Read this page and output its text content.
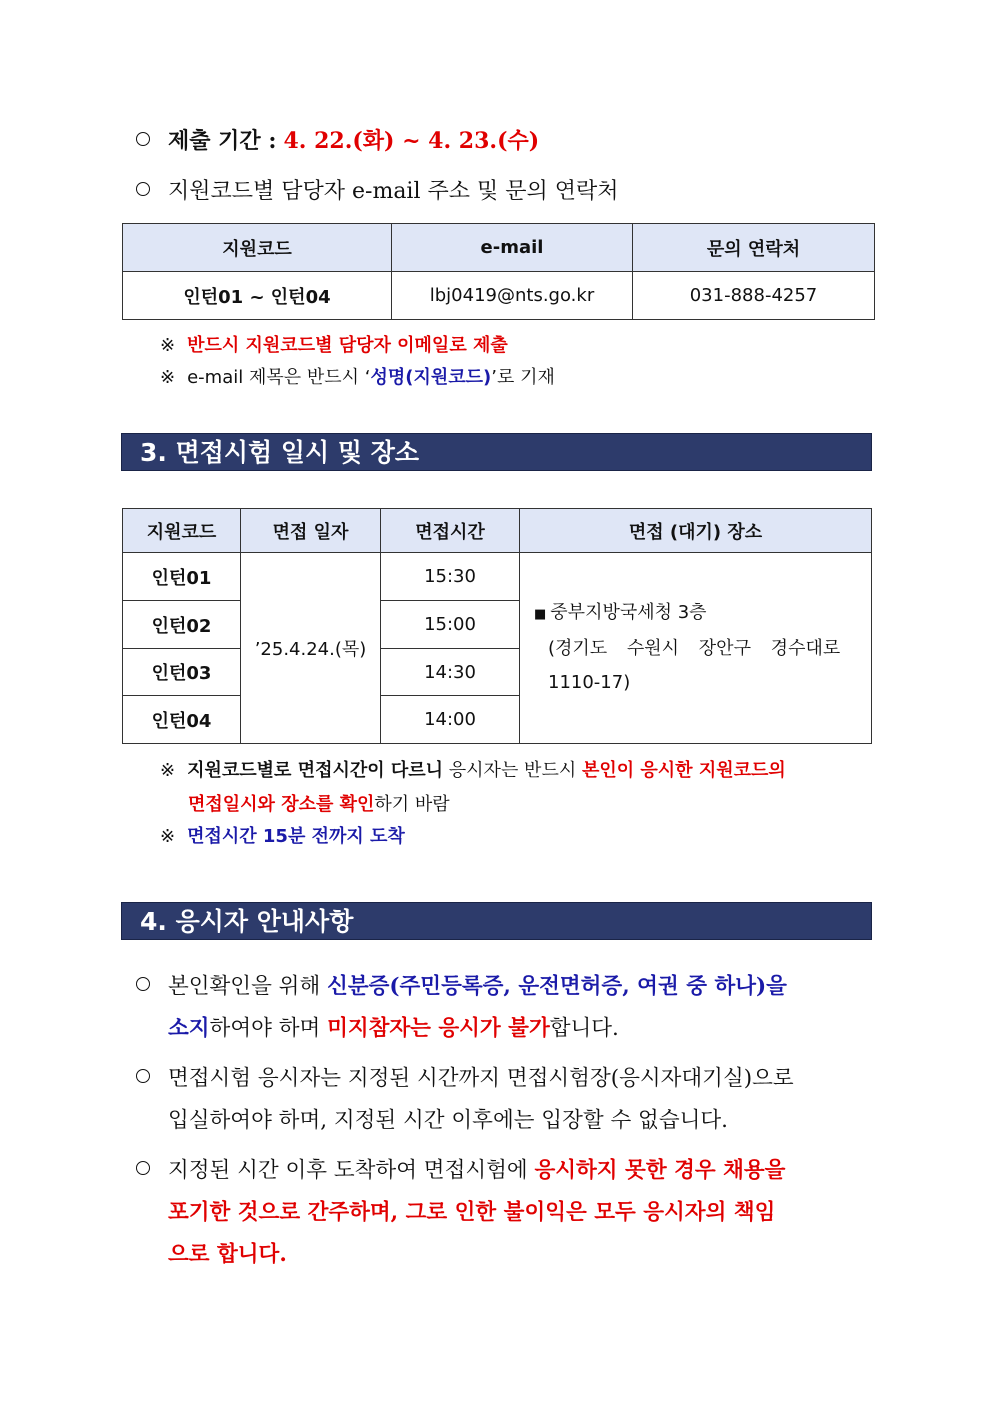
제출 기간 : 4. 22.(화) ~ 4. 23.(수)
지원코드별 담당자 e-mail 주소 및 문의 연락처
지원코드	e-mail	문의 연락처
인턴01 ~ 인턴04	lbj0419@nts.go.kr	031-888-4257
※ 반드시 지원코드별 담당자 이메일로 제출
※ e-mail 제목은 반드시 ‘성명(지원코드)’로 기재
3. 면접시험 일시 및 장소
지원코드	면접 일자	면접시간	면접 (대기) 장소
인턴01	’25.4.24.(목)	15:30	■ 중부지방국세청 3층
(경기도 수원시 장안구 경수대로
1110-17)

인턴02		15:00	
인턴03		14:30	
인턴04		14:00	
※ 지원코드별로 면접시간이 다르니 응시자는 반드시 본인이 응시한 지원코드의
면접일시와 장소를 확인하기 바람
※ 면접시간 15분 전까지 도착
4. 응시자 안내사항
본인확인을 위해 신분증(주민등록증, 운전면허증, 여권 중 하나)을
소지하여야 하며 미지참자는 응시가 불가합니다.
면접시험 응시자는 지정된 시간까지 면접시험장(응시자대기실)으로
입실하여야 하며, 지정된 시간 이후에는 입장할 수 없습니다.
지정된 시간 이후 도착하여 면접시험에 응시하지 못한 경우 채용을
포기한 것으로 간주하며, 그로 인한 불이익은 모두 응시자의 책임
으로 합니다.
